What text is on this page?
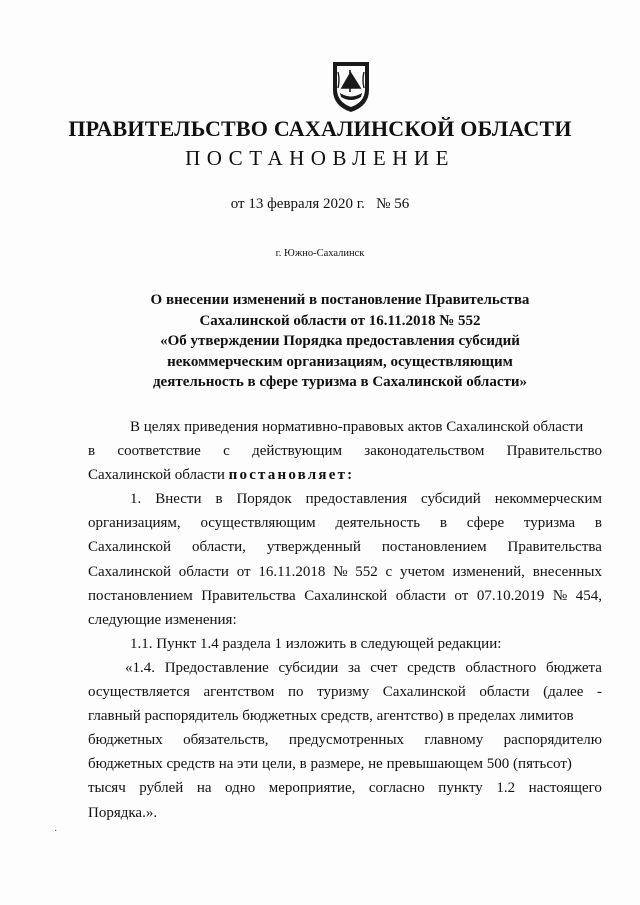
ПРАВИТЕЛЬСТВО САХАЛИНСКОЙ ОБЛАСТИ
ПОСТАНОВЛЕНИЕ
от 13 февраля 2020 г.   № 56
г. Южно-Сахалинск
О внесении изменений в постановление Правительства
Сахалинской области от 16.11.2018 № 552
«Об утверждении Порядка предоставления субсидий
некоммерческим организациям, осуществляющим
деятельность в сфере туризма в Сахалинской области»
В целях приведения нормативно-правовых актов Сахалинской области
в соответствие с действующим законодательством Правительство
Сахалинской области постановляет:
1. Внести в Порядок предоставления субсидий некоммерческим
организациям, осуществляющим деятельность в сфере туризма в
Сахалинской области, утвержденный постановлением Правительства
Сахалинской области от 16.11.2018 № 552 с учетом изменений, внесенных
постановлением Правительства Сахалинской области от 07.10.2019 № 454,
следующие изменения:
1.1. Пункт 1.4 раздела 1 изложить в следующей редакции:
«1.4. Предоставление субсидии за счет средств областного бюджета
осуществляется агентством по туризму Сахалинской области (далее -
главный распорядитель бюджетных средств, агентство) в пределах лимитов
бюджетных обязательств, предусмотренных главному распорядителю
бюджетных средств на эти цели, в размере, не превышающем 500 (пятьсот)
тысяч рублей на одно мероприятие, согласно пункту 1.2 настоящего
Порядка.».
·
